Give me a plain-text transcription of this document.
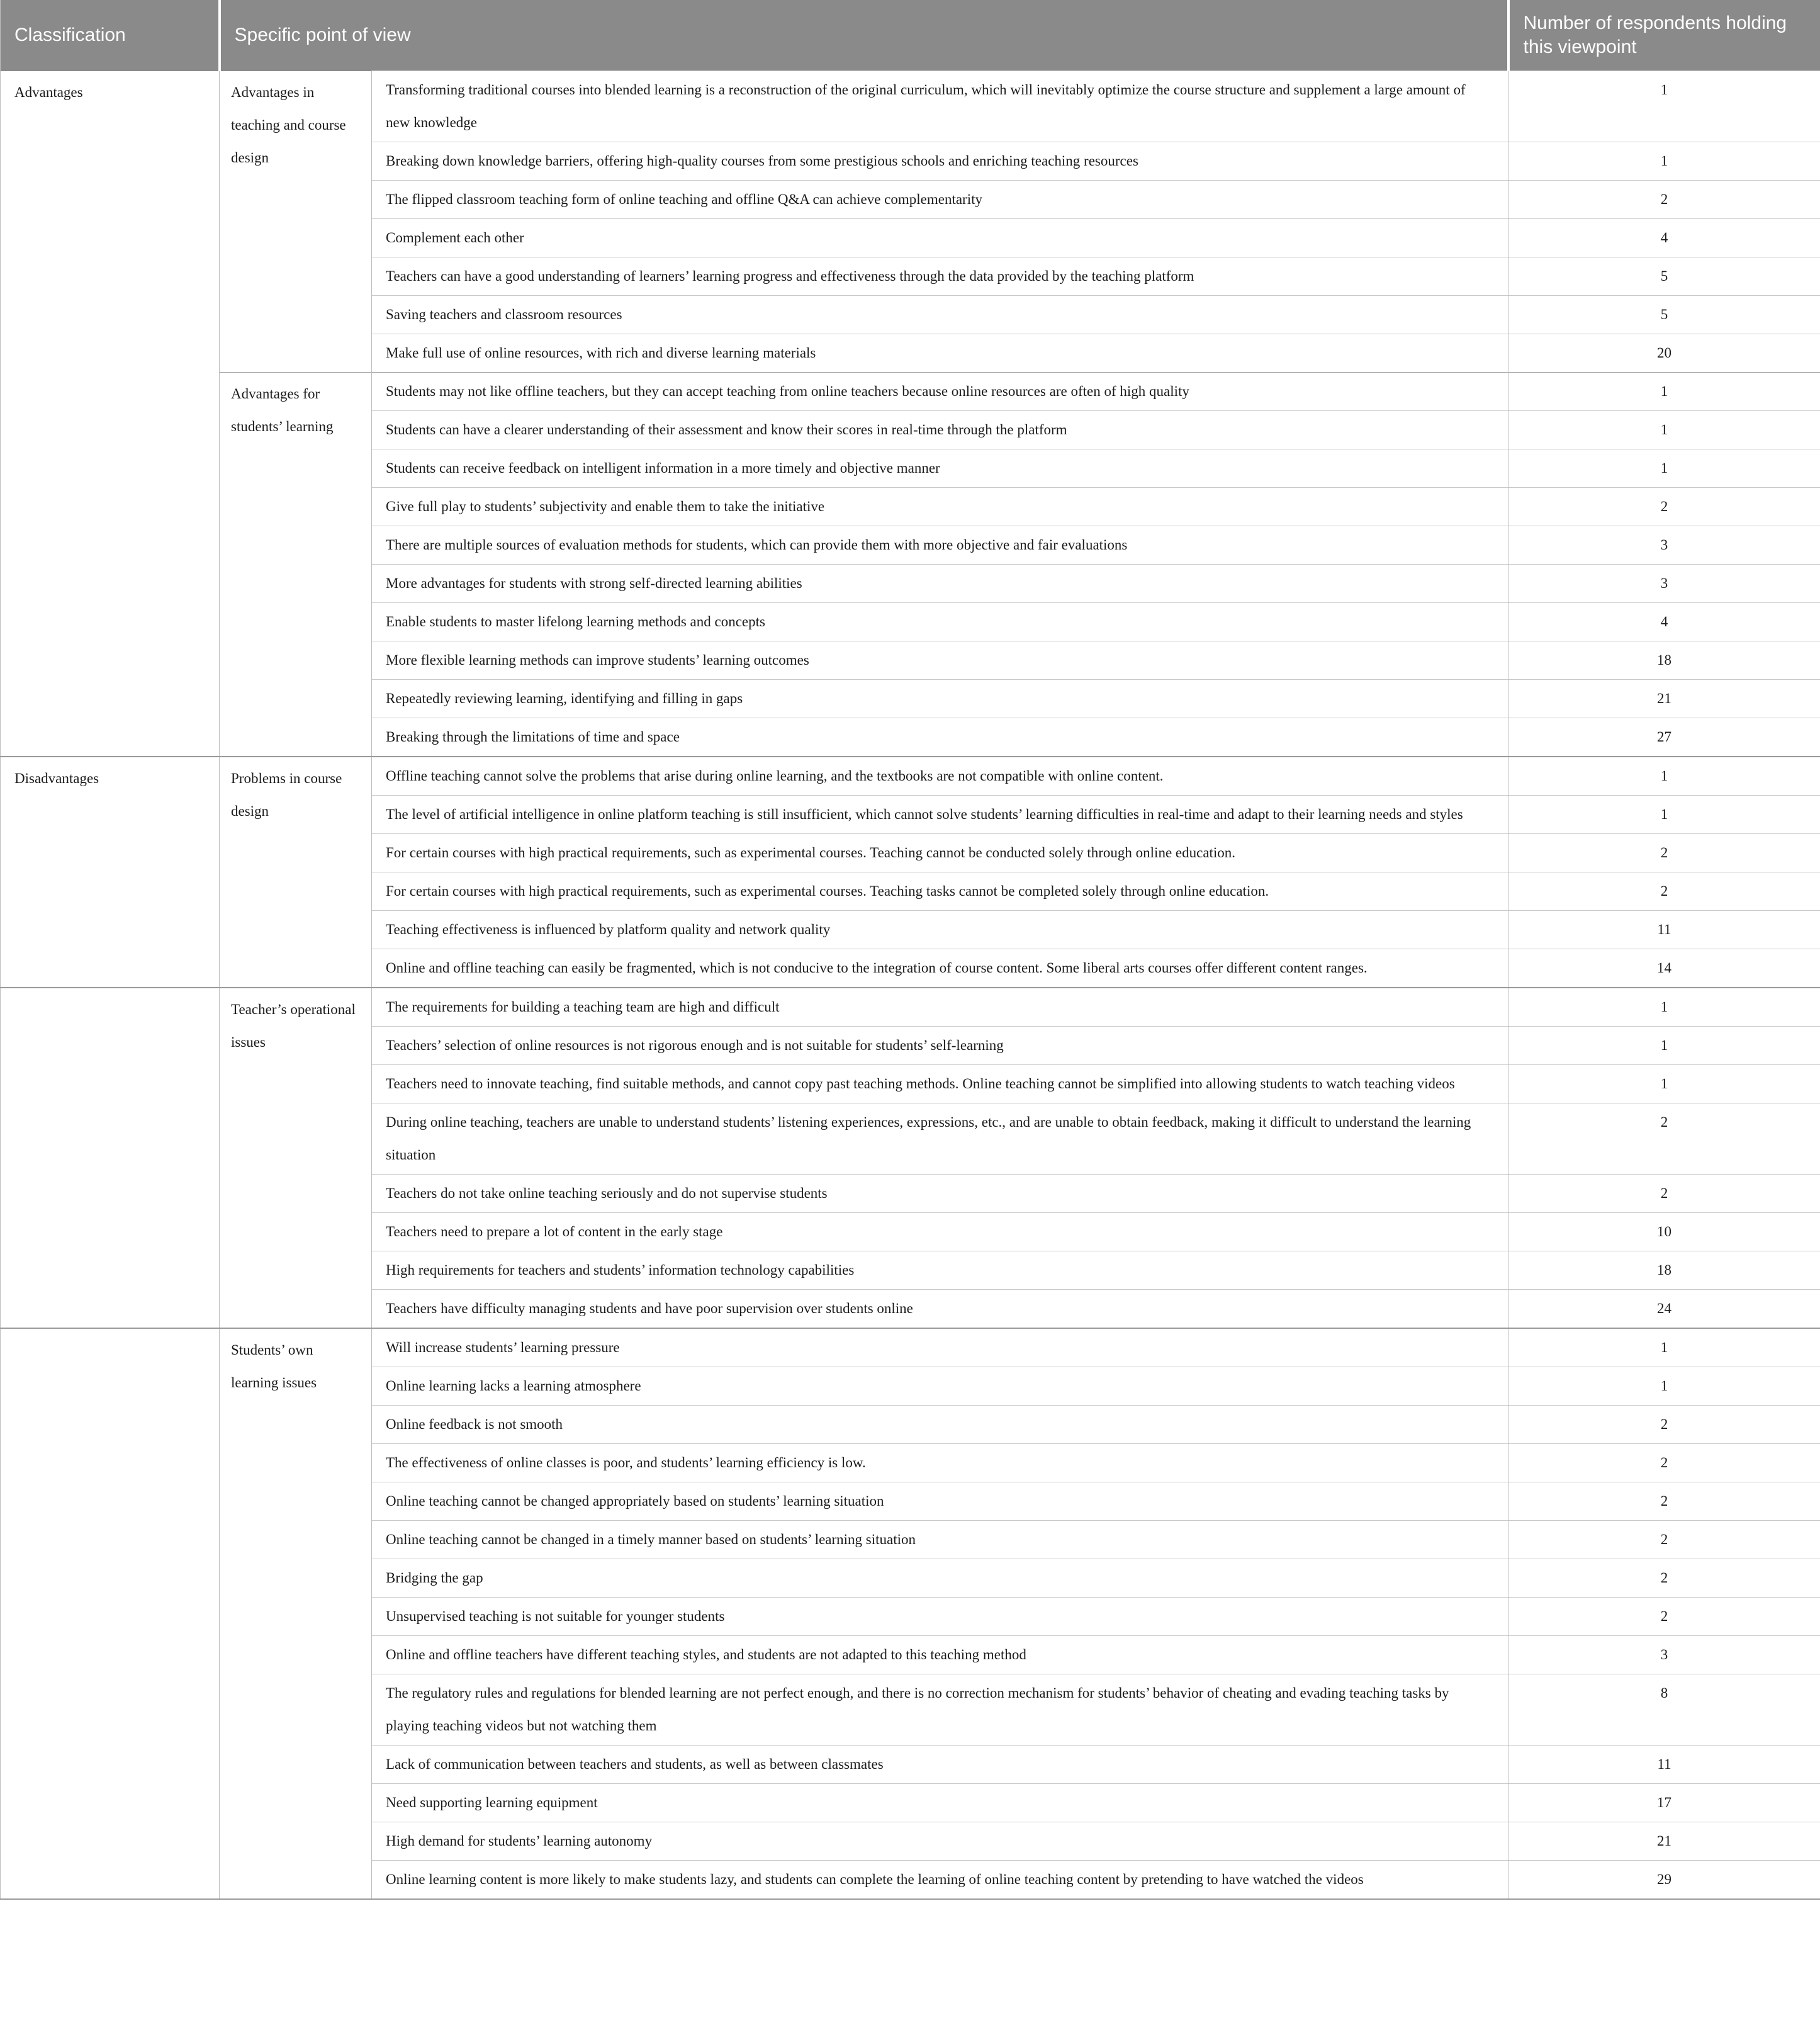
Classification	Specific point of view		Number of respondents holding this viewpoint
Advantages	Advantages in teaching and course design	Transforming traditional courses into blended learning is a reconstruction of the original curriculum, which will inevitably optimize the course structure and supplement a large amount of new knowledge	1
		Breaking down knowledge barriers, offering high-quality courses from some prestigious schools and enriching teaching resources	1
		The flipped classroom teaching form of online teaching and offline Q&A can achieve complementarity	2
		Complement each other	4
		Teachers can have a good understanding of learners’ learning progress and effectiveness through the data provided by the teaching platform	5
		Saving teachers and classroom resources	5
		Make full use of online resources, with rich and diverse learning materials	20
	Advantages for students’ learning	Students may not like offline teachers, but they can accept teaching from online teachers because online resources are often of high quality	1
		Students can have a clearer understanding of their assessment and know their scores in real-time through the platform	1
		Students can receive feedback on intelligent information in a more timely and objective manner	1
		Give full play to students’ subjectivity and enable them to take the initiative	2
		There are multiple sources of evaluation methods for students, which can provide them with more objective and fair evaluations	3
		More advantages for students with strong self-directed learning abilities	3
		Enable students to master lifelong learning methods and concepts	4
		More flexible learning methods can improve students’ learning outcomes	18
		Repeatedly reviewing learning, identifying and filling in gaps	21
		Breaking through the limitations of time and space	27
Disadvantages	Problems in course design	Offline teaching cannot solve the problems that arise during online learning, and the textbooks are not compatible with online content.	1
		The level of artificial intelligence in online platform teaching is still insufficient, which cannot solve students’ learning difficulties in real-time and adapt to their learning needs and styles	1
		For certain courses with high practical requirements, such as experimental courses. Teaching cannot be conducted solely through online education.	2
		For certain courses with high practical requirements, such as experimental courses. Teaching tasks cannot be completed solely through online education.	2
		Teaching effectiveness is influenced by platform quality and network quality	11
		Online and offline teaching can easily be fragmented, which is not conducive to the integration of course content. Some liberal arts courses offer different content ranges.	14
	Teacher’s operational issues	The requirements for building a teaching team are high and difficult	1
		Teachers’ selection of online resources is not rigorous enough and is not suitable for students’ self-learning	1
		Teachers need to innovate teaching, find suitable methods, and cannot copy past teaching methods. Online teaching cannot be simplified into allowing students to watch teaching videos	1
		During online teaching, teachers are unable to understand students’ listening experiences, expressions, etc., and are unable to obtain feedback, making it difficult to understand the learning situation	2
		Teachers do not take online teaching seriously and do not supervise students	2
		Teachers need to prepare a lot of content in the early stage	10
		High requirements for teachers and students’ information technology capabilities	18
		Teachers have difficulty managing students and have poor supervision over students online	24
	Students’ own learning issues	Will increase students’ learning pressure	1
		Online learning lacks a learning atmosphere	1
		Online feedback is not smooth	2
		The effectiveness of online classes is poor, and students’ learning efficiency is low.	2
		Online teaching cannot be changed appropriately based on students’ learning situation	2
		Online teaching cannot be changed in a timely manner based on students’ learning situation	2
		Bridging the gap	2
		Unsupervised teaching is not suitable for younger students	2
		Online and offline teachers have different teaching styles, and students are not adapted to this teaching method	3
		The regulatory rules and regulations for blended learning are not perfect enough, and there is no correction mechanism for students’ behavior of cheating and evading teaching tasks by playing teaching videos but not watching them	8
		Lack of communication between teachers and students, as well as between classmates	11
		Need supporting learning equipment	17
		High demand for students’ learning autonomy	21
		Online learning content is more likely to make students lazy, and students can complete the learning of online teaching content by pretending to have watched the videos	29
